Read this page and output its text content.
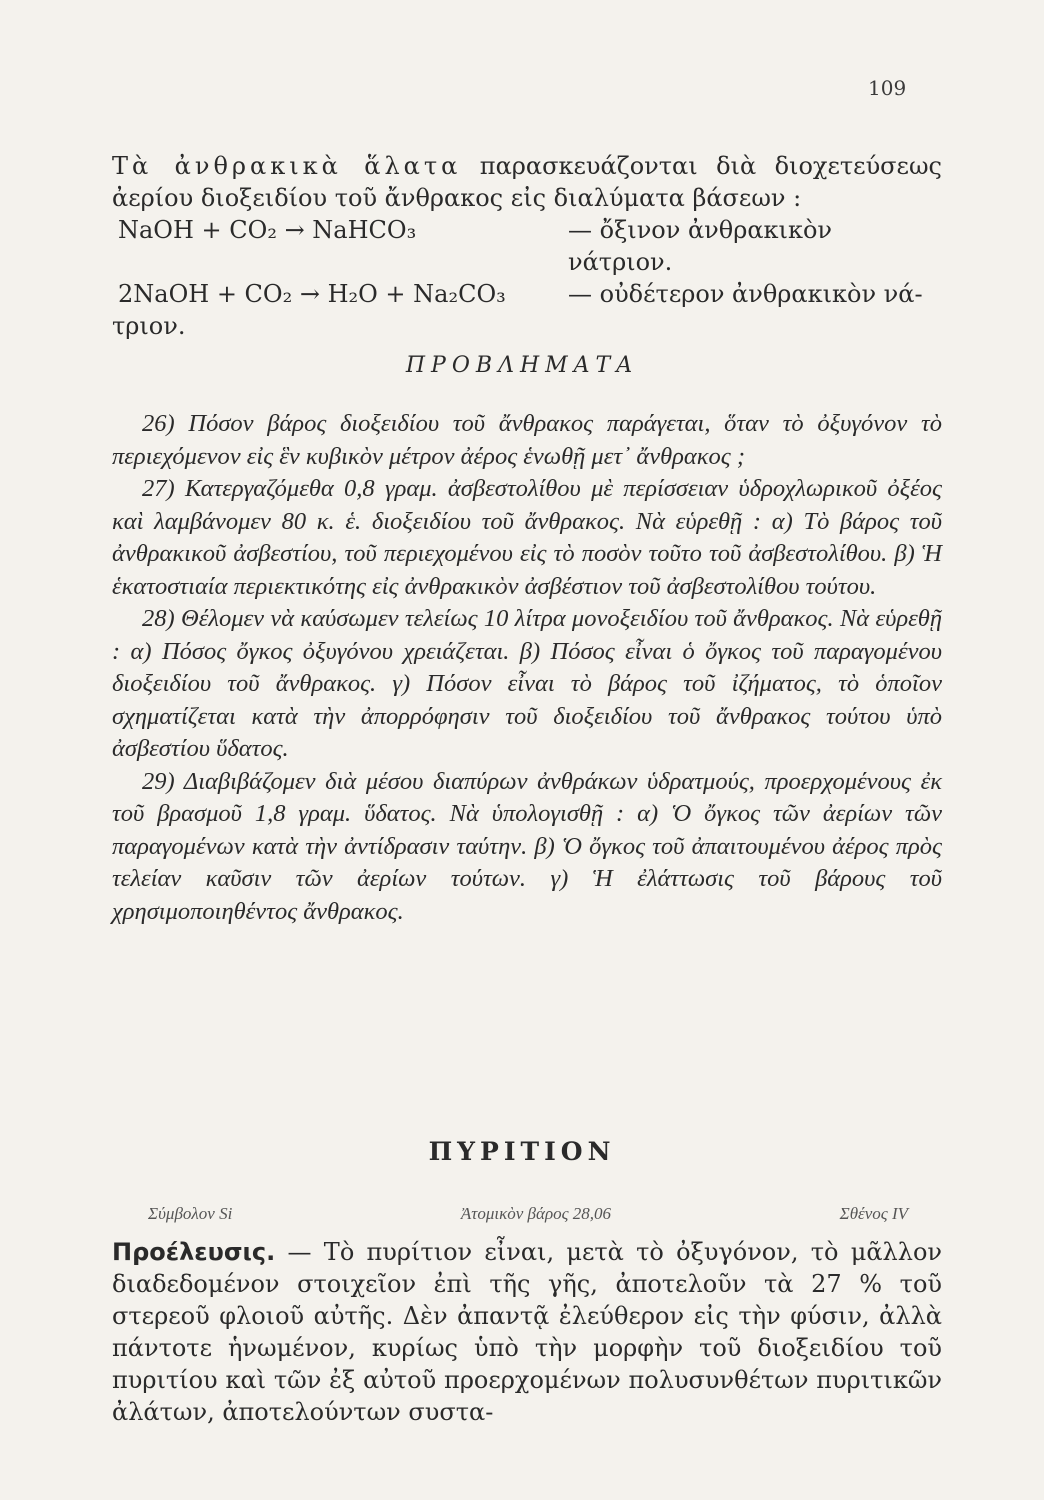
109

Τὰ ἀνθρακικὰ ἅλατα παρασκευάζονται διὰ διοχετεύσεως ἀερίου διοξειδίου τοῦ ἄνθρακος εἰς διαλύματα βάσεων :

NaOH + CO₂ → NaHCO₃	— ὄξινον ἀνθρακικὸν νάτριον.
2NaOH + CO₂ → H₂O + Na₂CO₃	— οὐδέτερον ἀνθρακικὸν νά-

τριον.

ΠΡΟΒΛΗΜΑΤΑ

26) Πόσον βάρος διοξειδίου τοῦ ἄνθρακος παράγεται, ὅταν τὸ ὀξυγόνον τὸ περιεχόμενον εἰς ἓν κυβικὸν μέτρον ἀέρος ἑνωθῇ μετ᾽ ἄνθρακος ;

27) Κατεργαζόμεθα 0,8 γραμ. ἀσβεστολίθου μὲ περίσσειαν ὑδροχλωρικοῦ ὀξέος καὶ λαμβάνομεν 80 κ. ἑ. διοξειδίου τοῦ ἄνθρακος. Νὰ εὑρεθῇ : α) Τὸ βάρος τοῦ ἀνθρακικοῦ ἀσβεστίου, τοῦ περιεχομένου εἰς τὸ ποσὸν τοῦτο τοῦ ἀσβεστολίθου. β) Ἡ ἑκατοστιαία περιεκτικότης εἰς ἀνθρακικὸν ἀσβέστιον τοῦ ἀσβεστολίθου τούτου.

28) Θέλομεν νὰ καύσωμεν τελείως 10 λίτρα μονοξειδίου τοῦ ἄνθρακος. Νὰ εὑρεθῇ : α) Πόσος ὄγκος ὀξυγόνου χρειάζεται. β) Πόσος εἶναι ὁ ὄγκος τοῦ παραγομένου διοξειδίου τοῦ ἄνθρακος. γ) Πόσον εἶναι τὸ βάρος τοῦ ἰζήματος, τὸ ὁποῖον σχηματίζεται κατὰ τὴν ἀπορρόφησιν τοῦ διοξειδίου τοῦ ἄνθρακος τούτου ὑπὸ ἀσβεστίου ὕδατος.

29) Διαβιβάζομεν διὰ μέσου διαπύρων ἀνθράκων ὑδρατμούς, προερχομένους ἐκ τοῦ βρασμοῦ 1,8 γραμ. ὕδατος. Νὰ ὑπολογισθῇ : α) Ὁ ὄγκος τῶν ἀερίων τῶν παραγομένων κατὰ τὴν ἀντίδρασιν ταύτην. β) Ὁ ὄγκος τοῦ ἀπαιτουμένου ἀέρος πρὸς τελείαν καῦσιν τῶν ἀερίων τούτων. γ) Ἡ ἐλάττωσις τοῦ βάρους τοῦ χρησιμοποιηθέντος ἄνθρακος.

ΠΥΡΙΤΙΟΝ
Σύμβολον Si	Ἀτομικὸν βάρος 28,06	Σθένος IV

Προέλευσις. — Τὸ πυρίτιον εἶναι, μετὰ τὸ ὀξυγόνον, τὸ μᾶλλον διαδεδομένον στοιχεῖον ἐπὶ τῆς γῆς, ἀποτελοῦν τὰ 27 % τοῦ στερεοῦ φλοιοῦ αὐτῆς. Δὲν ἀπαντᾷ ἐλεύθερον εἰς τὴν φύσιν, ἀλλὰ πάντοτε ἡνωμένον, κυρίως ὑπὸ τὴν μορφὴν τοῦ διοξειδίου τοῦ πυριτίου καὶ τῶν ἐξ αὐτοῦ προερχομένων πολυσυνθέτων πυριτικῶν ἀλάτων, ἀποτελούντων συστα-
